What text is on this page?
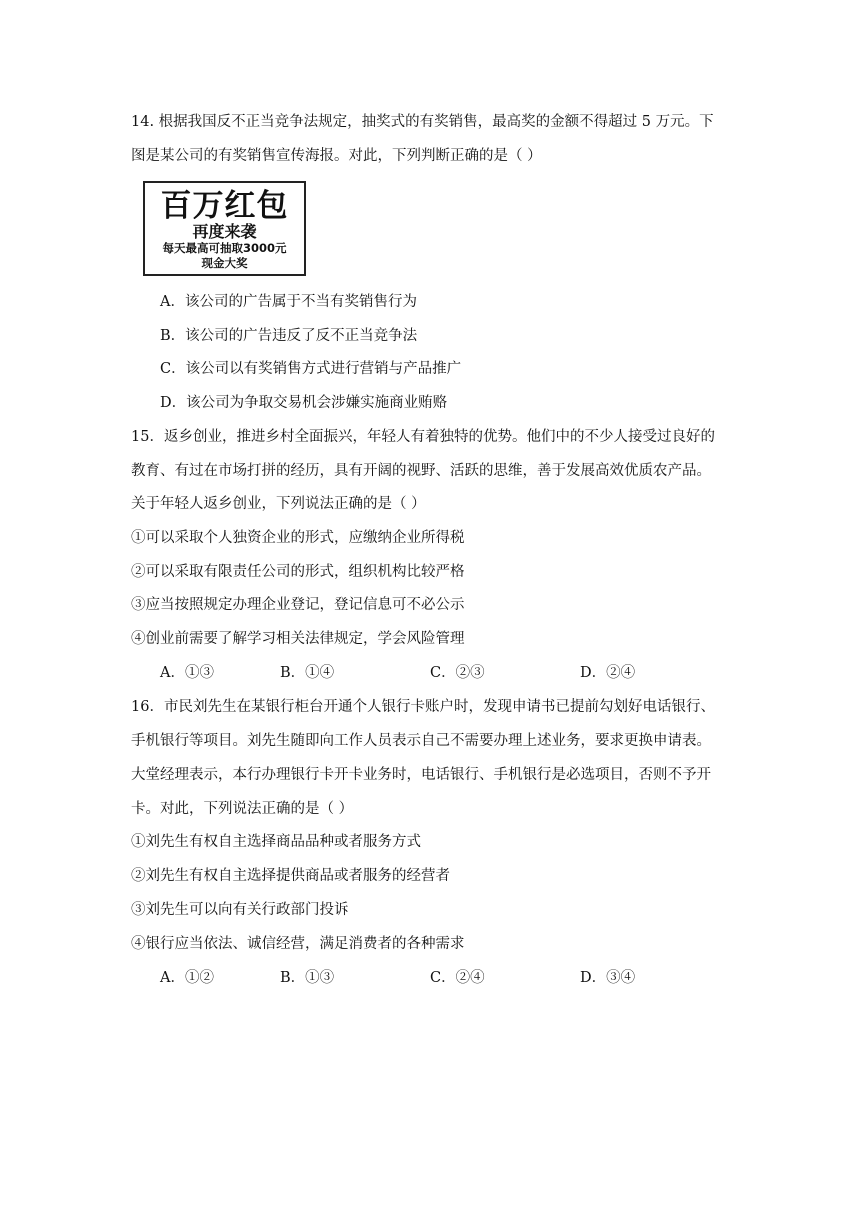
14. 根据我国反不正当竞争法规定，抽奖式的有奖销售，最高奖的金额不得超过 5 万元。下
图是某公司的有奖销售宣传海报。对此，下列判断正确的是（ ）
百万红包
再度来袭
每天最高可抽取3000元
现金大奖
A．该公司的广告属于不当有奖销售行为
B．该公司的广告违反了反不正当竞争法
C．该公司以有奖销售方式进行营销与产品推广
D．该公司为争取交易机会涉嫌实施商业贿赂
15．返乡创业，推进乡村全面振兴，年轻人有着独特的优势。他们中的不少人接受过良好的
教育、有过在市场打拼的经历，具有开阔的视野、活跃的思维，善于发展高效优质农产品。
关于年轻人返乡创业，下列说法正确的是（ ）
①可以采取个人独资企业的形式，应缴纳企业所得税
②可以采取有限责任公司的形式，组织机构比较严格
③应当按照规定办理企业登记，登记信息可不必公示
④创业前需要了解学习相关法律规定，学会风险管理
A．①③	B．①④	C．②③	D．②④
16．市民刘先生在某银行柜台开通个人银行卡账户时，发现申请书已提前勾划好电话银行、
手机银行等项目。刘先生随即向工作人员表示自己不需要办理上述业务，要求更换申请表。
大堂经理表示，本行办理银行卡开卡业务时，电话银行、手机银行是必选项目，否则不予开
卡。对此，下列说法正确的是（ ）
①刘先生有权自主选择商品品种或者服务方式
②刘先生有权自主选择提供商品或者服务的经营者
③刘先生可以向有关行政部门投诉
④银行应当依法、诚信经营，满足消费者的各种需求
A．①②	B．①③	C．②④	D．③④
